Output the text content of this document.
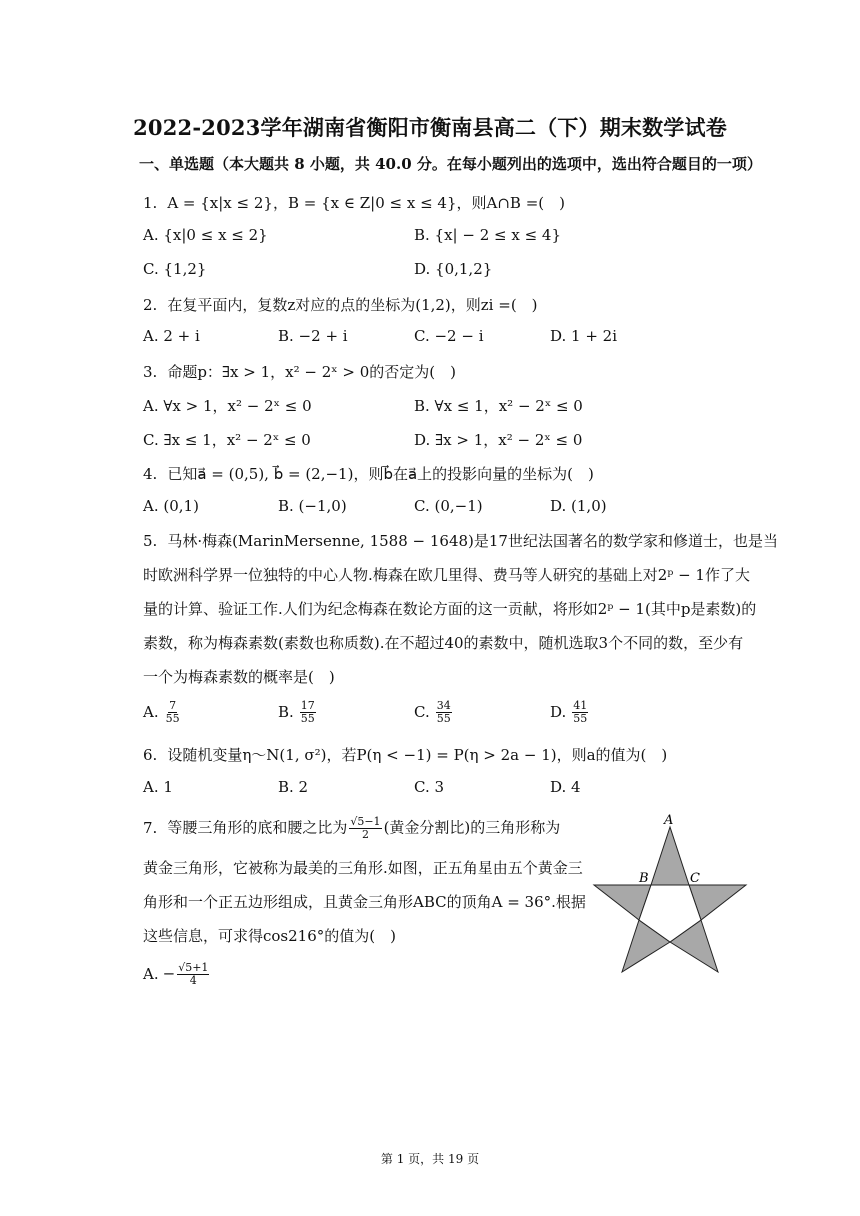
2022-2023学年湖南省衡阳市衡南县高二（下）期末数学试卷
一、单选题（本大题共 8 小题，共 40.0 分。在每小题列出的选项中，选出符合题目的一项）
1. A = {x|x ≤ 2}，B = {x ∈ Z|0 ≤ x ≤ 4}，则A∩B =(　)
A. {x|0 ≤ x ≤ 2}	B. {x| − 2 ≤ x ≤ 4}
C. {1,2}	D. {0,1,2}
2. 在复平面内，复数z对应的点的坐标为(1,2)，则zi =(　)
A. 2 + i	B. −2 + i	C. −2 − i	D. 1 + 2i
3. 命题p：∃x > 1，x² − 2ˣ > 0的否定为(　)
A. ∀x > 1，x² − 2ˣ ≤ 0	B. ∀x ≤ 1，x² − 2ˣ ≤ 0
C. ∃x ≤ 1，x² − 2ˣ ≤ 0	D. ∃x > 1，x² − 2ˣ ≤ 0
4. 已知a⃗ = (0,5), b⃗ = (2,−1)，则b⃗在a⃗上的投影向量的坐标为(　)
A. (0,1)	B. (−1,0)	C. (0,−1)	D. (1,0)
5. 马林·梅森(MarinMersenne, 1588 − 1648)是17世纪法国著名的数学家和修道士，也是当
时欧洲科学界一位独特的中心人物.梅森在欧几里得、费马等人研究的基础上对2ᵖ − 1作了大
量的计算、验证工作.人们为纪念梅森在数论方面的这一贡献，将形如2ᵖ − 1(其中p是素数)的
素数，称为梅森素数(素数也称质数).在不超过40的素数中，随机选取3个不同的数，至少有
一个为梅森素数的概率是(　)
A. $\frac{7}{55}$	B. $\frac{17}{55}$	C. $\frac{34}{55}$	D. $\frac{41}{55}$
6. 设随机变量η～N(1, σ²)，若P(η < −1) = P(η > 2a − 1)，则a的值为(　)
A. 1	B. 2	C. 3	D. 4
7. 等腰三角形的底和腰之比为 $\frac{√5-1}{2}$ (黄金分割比)的三角形称为
黄金三角形，它被称为最美的三角形.如图，正五角星由五个黄金三
角形和一个正五边形组成，且黄金三角形ABC的顶角A = 36°.根据
这些信息，可求得cos216°的值为(　)
A. − $\frac{√5+1}{4}$
A
B	C
第 1 页，共 19 页
